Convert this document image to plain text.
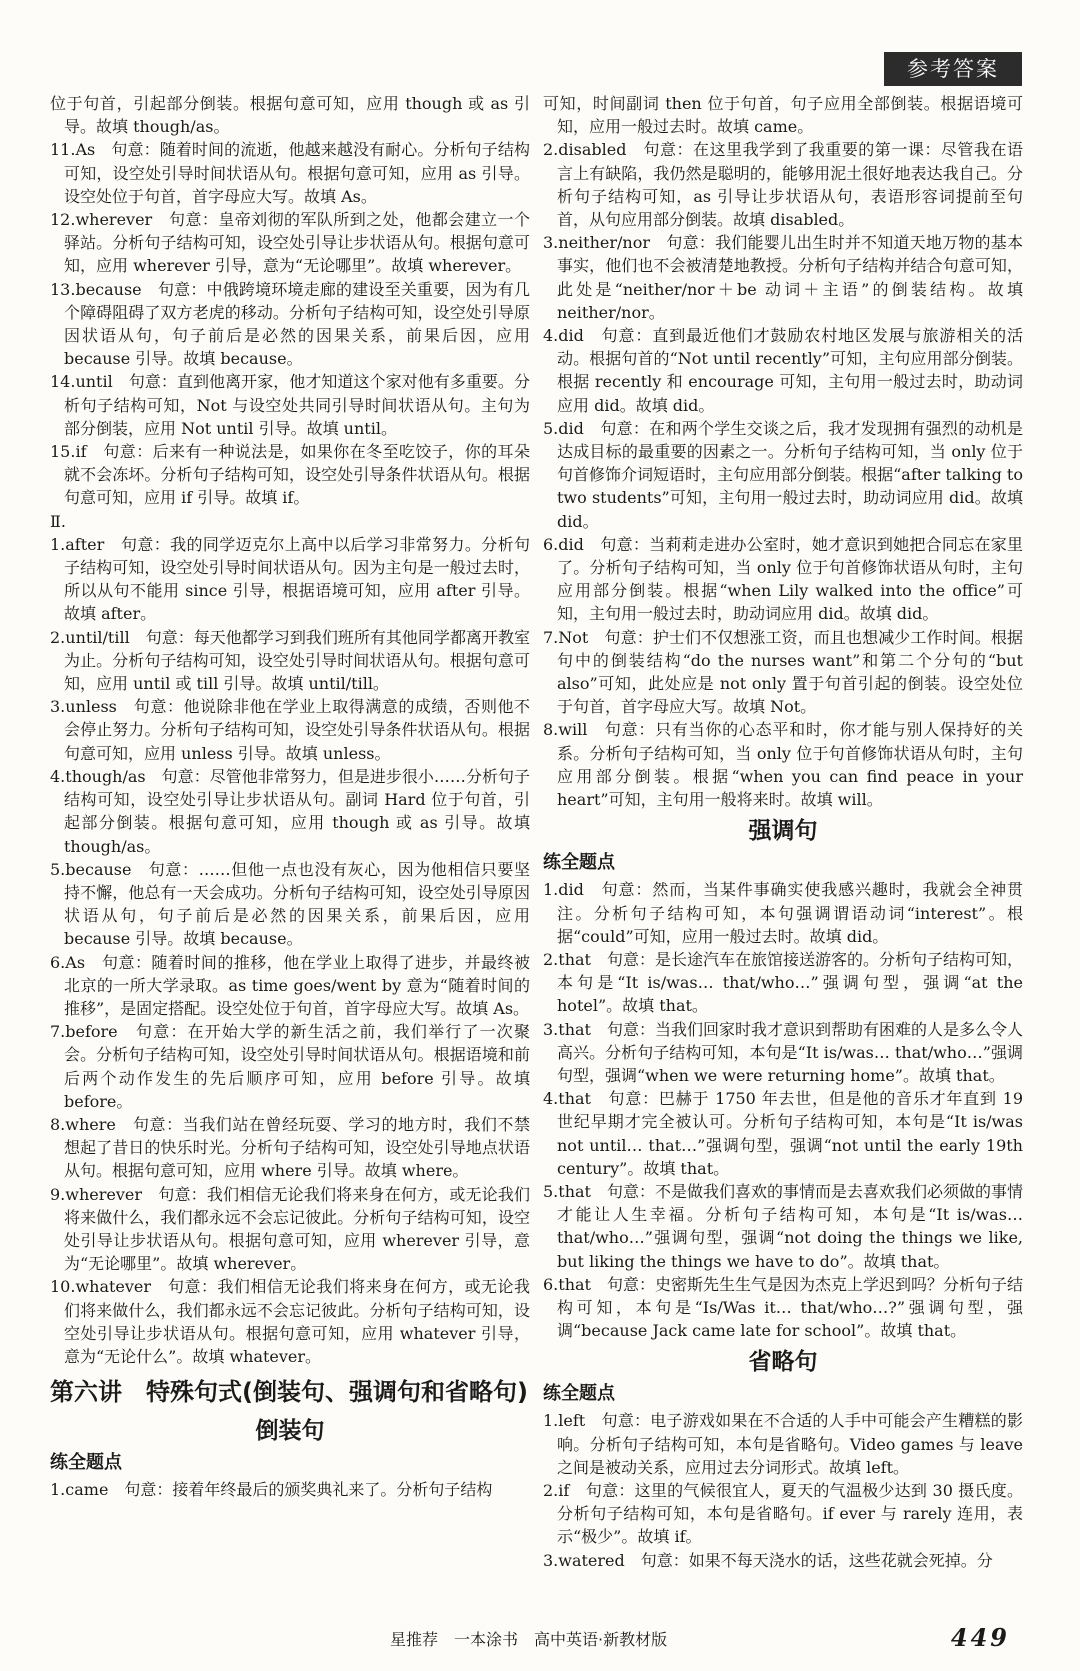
参考答案

位于句首，引起部分倒装。根据句意可知，应用 though 或 as 引导。故填 though/as。

11.As　句意：随着时间的流逝，他越来越没有耐心。分析句子结构可知，设空处引导时间状语从句。根据句意可知，应用 as 引导。设空处位于句首，首字母应大写。故填 As。

12.wherever　句意：皇帝刘彻的军队所到之处，他都会建立一个驿站。分析句子结构可知，设空处引导让步状语从句。根据句意可知，应用 wherever 引导，意为“无论哪里”。故填 wherever。

13.because　句意：中俄跨境环境走廊的建设至关重要，因为有几个障碍阻碍了双方老虎的移动。分析句子结构可知，设空处引导原因状语从句，句子前后是必然的因果关系，前果后因，应用 because 引导。故填 because。

14.until　句意：直到他离开家，他才知道这个家对他有多重要。分析句子结构可知，Not 与设空处共同引导时间状语从句。主句为部分倒装，应用 Not until 引导。故填 until。

15.if　句意：后来有一种说法是，如果你在冬至吃饺子，你的耳朵就不会冻坏。分析句子结构可知，设空处引导条件状语从句。根据句意可知，应用 if 引导。故填 if。

Ⅱ.

1.after　句意：我的同学迈克尔上高中以后学习非常努力。分析句子结构可知，设空处引导时间状语从句。因为主句是一般过去时，所以从句不能用 since 引导，根据语境可知，应用 after 引导。故填 after。

2.until/till　句意：每天他都学习到我们班所有其他同学都离开教室为止。分析句子结构可知，设空处引导时间状语从句。根据句意可知，应用 until 或 till 引导。故填 until/till。

3.unless　句意：他说除非他在学业上取得满意的成绩，否则他不会停止努力。分析句子结构可知，设空处引导条件状语从句。根据句意可知，应用 unless 引导。故填 unless。

4.though/as　句意：尽管他非常努力，但是进步很小……分析句子结构可知，设空处引导让步状语从句。副词 Hard 位于句首，引起部分倒装。根据句意可知，应用 though 或 as 引导。故填 though/as。

5.because　句意：……但他一点也没有灰心，因为他相信只要坚持不懈，他总有一天会成功。分析句子结构可知，设空处引导原因状语从句，句子前后是必然的因果关系，前果后因，应用 because 引导。故填 because。

6.As　句意：随着时间的推移，他在学业上取得了进步，并最终被北京的一所大学录取。as time goes/went by 意为“随着时间的推移”，是固定搭配。设空处位于句首，首字母应大写。故填 As。

7.before　句意：在开始大学的新生活之前，我们举行了一次聚会。分析句子结构可知，设空处引导时间状语从句。根据语境和前后两个动作发生的先后顺序可知，应用 before 引导。故填 before。

8.where　句意：当我们站在曾经玩耍、学习的地方时，我们不禁想起了昔日的快乐时光。分析句子结构可知，设空处引导地点状语从句。根据句意可知，应用 where 引导。故填 where。

9.wherever　句意：我们相信无论我们将来身在何方，或无论我们将来做什么，我们都永远不会忘记彼此。分析句子结构可知，设空处引导让步状语从句。根据句意可知，应用 wherever 引导，意为“无论哪里”。故填 wherever。

10.whatever　句意：我们相信无论我们将来身在何方，或无论我们将来做什么，我们都永远不会忘记彼此。分析句子结构可知，设空处引导让步状语从句。根据句意可知，应用 whatever 引导，意为“无论什么”。故填 whatever。

第六讲　特殊句式(倒装句、强调句和省略句)
倒装句
练全题点

1.came　句意：接着年终最后的颁奖典礼来了。分析句子结构

可知，时间副词 then 位于句首，句子应用全部倒装。根据语境可知，应用一般过去时。故填 came。

2.disabled　句意：在这里我学到了我重要的第一课：尽管我在语言上有缺陷，我仍然是聪明的，能够用泥土很好地表达我自己。分析句子结构可知，as 引导让步状语从句，表语形容词提前至句首，从句应用部分倒装。故填 disabled。

3.neither/nor　句意：我们能婴儿出生时并不知道天地万物的基本事实，他们也不会被清楚地教授。分析句子结构并结合句意可知，此处是“neither/nor＋be 动词＋主语”的倒装结构。故填 neither/nor。

4.did　句意：直到最近他们才鼓励农村地区发展与旅游相关的活动。根据句首的“Not until recently”可知，主句应用部分倒装。根据 recently 和 encourage 可知，主句用一般过去时，助动词应用 did。故填 did。

5.did　句意：在和两个学生交谈之后，我才发现拥有强烈的动机是达成目标的最重要的因素之一。分析句子结构可知，当 only 位于句首修饰介词短语时，主句应用部分倒装。根据“after talking to two students”可知，主句用一般过去时，助动词应用 did。故填 did。

6.did　句意：当莉莉走进办公室时，她才意识到她把合同忘在家里了。分析句子结构可知，当 only 位于句首修饰状语从句时，主句应用部分倒装。根据“when Lily walked into the office”可知，主句用一般过去时，助动词应用 did。故填 did。

7.Not　句意：护士们不仅想涨工资，而且也想减少工作时间。根据句中的倒装结构“do the nurses want”和第二个分句的“but also”可知，此处应是 not only 置于句首引起的倒装。设空处位于句首，首字母应大写。故填 Not。

8.will　句意：只有当你的心态平和时，你才能与别人保持好的关系。分析句子结构可知，当 only 位于句首修饰状语从句时，主句应用部分倒装。根据“when you can find peace in your heart”可知，主句用一般将来时。故填 will。

强调句
练全题点

1.did　句意：然而，当某件事确实使我感兴趣时，我就会全神贯注。分析句子结构可知，本句强调谓语动词“interest”。根据“could”可知，应用一般过去时。故填 did。

2.that　句意：是长途汽车在旅馆接送游客的。分析句子结构可知，本句是“It is/was… that/who…”强调句型，强调“at the hotel”。故填 that。

3.that　句意：当我们回家时我才意识到帮助有困难的人是多么令人高兴。分析句子结构可知，本句是“It is/was… that/who…”强调句型，强调“when we were returning home”。故填 that。

4.that　句意：巴赫于 1750 年去世，但是他的音乐才年直到 19 世纪早期才完全被认可。分析句子结构可知，本句是“It is/was not until… that…”强调句型，强调“not until the early 19th century”。故填 that。

5.that　句意：不是做我们喜欢的事情而是去喜欢我们必须做的事情才能让人生幸福。分析句子结构可知，本句是“It is/was… that/who…”强调句型，强调“not doing the things we like, but liking the things we have to do”。故填 that。

6.that　句意：史密斯先生生气是因为杰克上学迟到吗？分析句子结构可知，本句是“Is/Was it… that/who…?”强调句型，强调“because Jack came late for school”。故填 that。

省略句
练全题点

1.left　句意：电子游戏如果在不合适的人手中可能会产生糟糕的影响。分析句子结构可知，本句是省略句。Video games 与 leave 之间是被动关系，应用过去分词形式。故填 left。

2.if　句意：这里的气候很宜人，夏天的气温极少达到 30 摄氏度。分析句子结构可知，本句是省略句。if ever 与 rarely 连用，表示“极少”。故填 if。

3.watered　句意：如果不每天浇水的话，这些花就会死掉。分

星推荐　一本涂书　高中英语·新教材版	449
